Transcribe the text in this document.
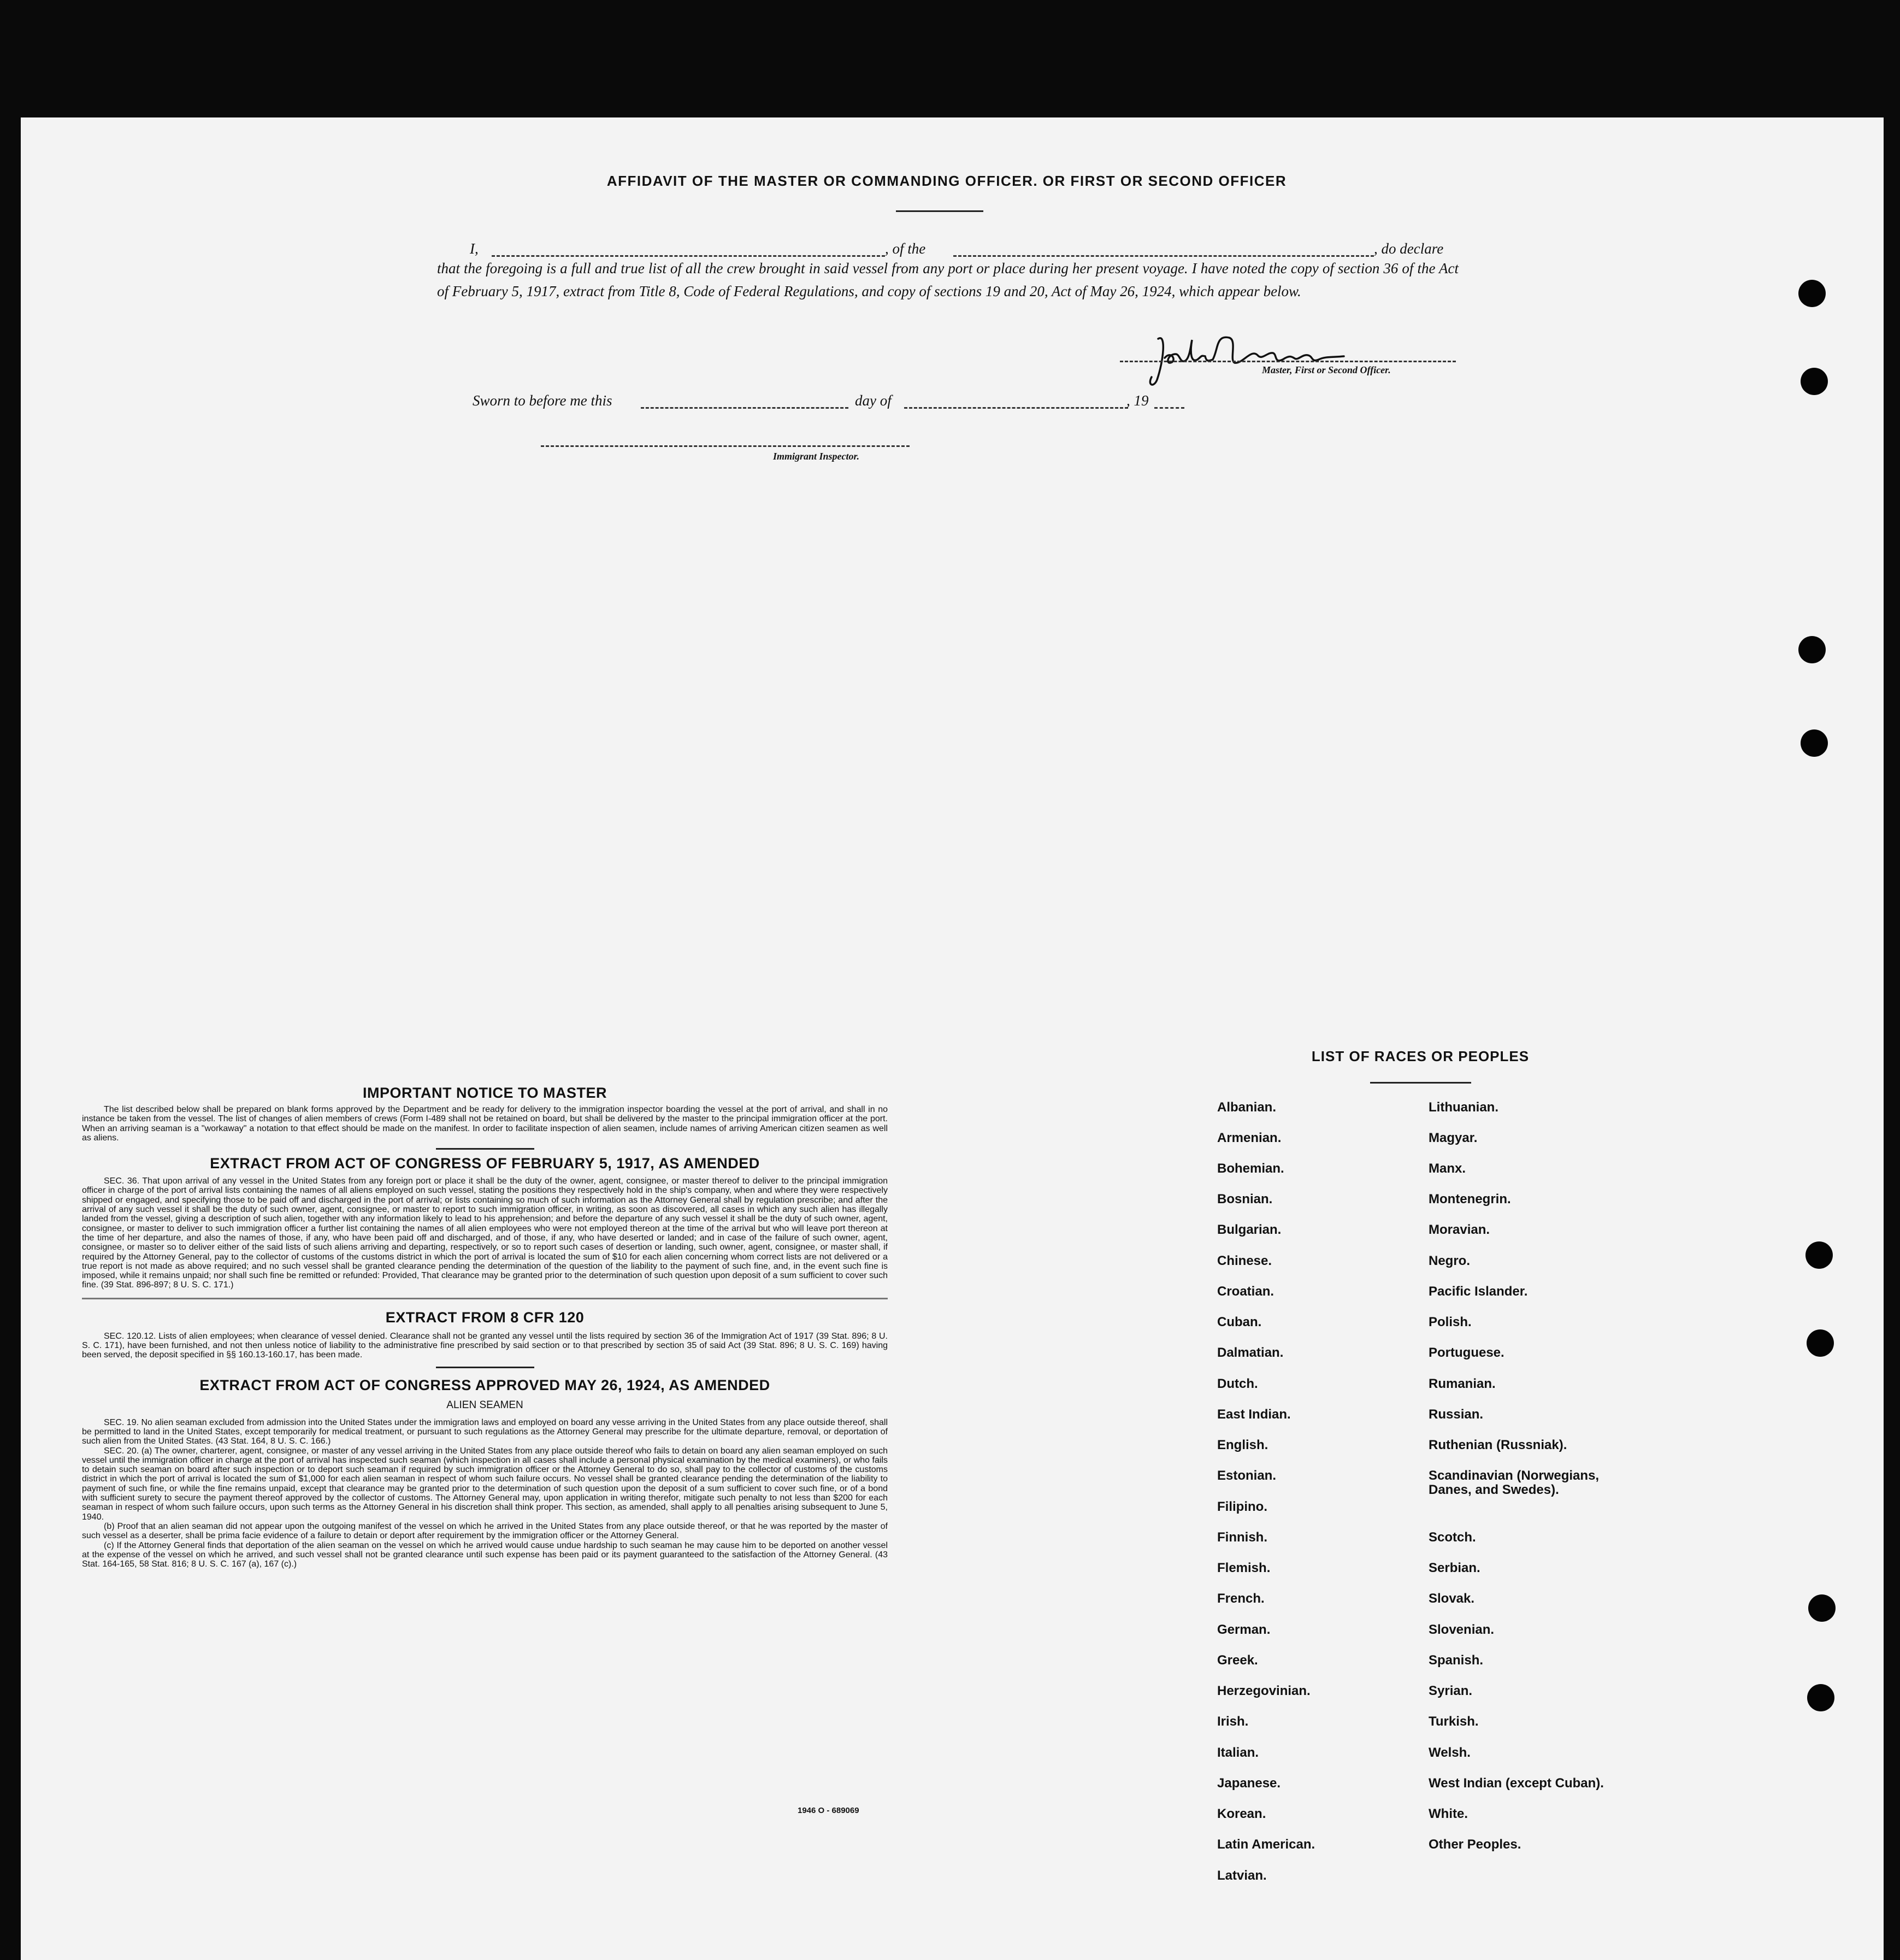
AFFIDAVIT OF THE MASTER OR COMMANDING OFFICER. OR FIRST OR SECOND OFFICER
I,	, of the	, do declare
that the foregoing is a full and true list of all the crew brought in said vessel from any port or place during her present voyage. I have noted the copy of section 36 of the Act of February 5, 1917, extract from Title 8, Code of Federal Regulations, and copy of sections 19 and 20, Act of May 26, 1924, which appear below.
Master, First or Second Officer.
Sworn to before me this	day of	, 19
Immigrant Inspector.
IMPORTANT NOTICE TO MASTER

The list described below shall be prepared on blank forms approved by the Department and be ready for delivery to the immigration inspector boarding the vessel at the port of arrival, and shall in no instance be taken from the vessel. The list of changes of alien members of crews (Form I-489 shall not be retained on board, but shall be delivered by the master to the principal immigration officer at the port. When an arriving seaman is a "workaway" a notation to that effect should be made on the manifest. In order to facilitate inspection of alien seamen, include names of arriving American citizen seamen as well as aliens.

EXTRACT FROM ACT OF CONGRESS OF FEBRUARY 5, 1917, AS AMENDED

SEC. 36. That upon arrival of any vessel in the United States from any foreign port or place it shall be the duty of the owner, agent, consignee, or master thereof to deliver to the principal immigration officer in charge of the port of arrival lists containing the names of all aliens employed on such vessel, stating the positions they respectively hold in the ship's company, when and where they were respectively shipped or engaged, and specifying those to be paid off and discharged in the port of arrival; or lists containing so much of such information as the Attorney General shall by regulation prescribe; and after the arrival of any such vessel it shall be the duty of such owner, agent, consignee, or master to report to such immigration officer, in writing, as soon as discovered, all cases in which any such alien has illegally landed from the vessel, giving a description of such alien, together with any information likely to lead to his apprehension; and before the departure of any such vessel it shall be the duty of such owner, agent, consignee, or master to deliver to such immigration officer a further list containing the names of all alien employees who were not employed thereon at the time of the arrival but who will leave port thereon at the time of her departure, and also the names of those, if any, who have been paid off and discharged, and of those, if any, who have deserted or landed; and in case of the failure of such owner, agent, consignee, or master so to deliver either of the said lists of such aliens arriving and departing, respectively, or so to report such cases of desertion or landing, such owner, agent, consignee, or master shall, if required by the Attorney General, pay to the collector of customs of the customs district in which the port of arrival is located the sum of $10 for each alien concerning whom correct lists are not delivered or a true report is not made as above required; and no such vessel shall be granted clearance pending the determination of the question of the liability to the payment of such fine, and, in the event such fine is imposed, while it remains unpaid; nor shall such fine be remitted or refunded: Provided, That clearance may be granted prior to the determination of such question upon deposit of a sum sufficient to cover such fine. (39 Stat. 896-897; 8 U. S. C. 171.)

EXTRACT FROM 8 CFR 120

SEC. 120.12. Lists of alien employees; when clearance of vessel denied. Clearance shall not be granted any vessel until the lists required by section 36 of the Immigration Act of 1917 (39 Stat. 896; 8 U. S. C. 171), have been furnished, and not then unless notice of liability to the administrative fine prescribed by said section or to that prescribed by section 35 of said Act (39 Stat. 896; 8 U. S. C. 169) having been served, the deposit specified in §§ 160.13-160.17, has been made.

EXTRACT FROM ACT OF CONGRESS APPROVED MAY 26, 1924, AS AMENDED
ALIEN SEAMEN

SEC. 19. No alien seaman excluded from admission into the United States under the immigration laws and employed on board any vesse arriving in the United States from any place outside thereof, shall be permitted to land in the United States, except temporarily for medical treatment, or pursuant to such regulations as the Attorney General may prescribe for the ultimate departure, removal, or deportation of such alien from the United States. (43 Stat. 164, 8 U. S. C. 166.)

SEC. 20. (a) The owner, charterer, agent, consignee, or master of any vessel arriving in the United States from any place outside thereof who fails to detain on board any alien seaman employed on such vessel until the immigration officer in charge at the port of arrival has inspected such seaman (which inspection in all cases shall include a personal physical examination by the medical examiners), or who fails to detain such seaman on board after such inspection or to deport such seaman if required by such immigration officer or the Attorney General to do so, shall pay to the collector of customs of the customs district in which the port of arrival is located the sum of $1,000 for each alien seaman in respect of whom such failure occurs. No vessel shall be granted clearance pending the determination of the liability to payment of such fine, or while the fine remains unpaid, except that clearance may be granted prior to the determination of such question upon the deposit of a sum sufficient to cover such fine, or of a bond with sufficient surety to secure the payment thereof approved by the collector of customs. The Attorney General may, upon application in writing therefor, mitigate such penalty to not less than $200 for each seaman in respect of whom such failure occurs, upon such terms as the Attorney General in his discretion shall think proper. This section, as amended, shall apply to all penalties arising subsequent to June 5, 1940.

(b) Proof that an alien seaman did not appear upon the outgoing manifest of the vessel on which he arrived in the United States from any place outside thereof, or that he was reported by the master of such vessel as a deserter, shall be prima facie evidence of a failure to detain or deport after requirement by the immigration officer or the Attorney General.

(c) If the Attorney General finds that deportation of the alien seaman on the vessel on which he arrived would cause undue hardship to such seaman he may cause him to be deported on another vessel at the expense of the vessel on which he arrived, and such vessel shall not be granted clearance until such expense has been paid or its payment guaranteed to the satisfaction of the Attorney General. (43 Stat. 164-165, 58 Stat. 816; 8 U. S. C. 167 (a), 167 (c).)

1946 O - 689069
LIST OF RACES OR PEOPLES
Albanian.
Armenian.
Bohemian.
Bosnian.
Bulgarian.
Chinese.
Croatian.
Cuban.
Dalmatian.
Dutch.
East Indian.
English.
Estonian.
Filipino.
Finnish.
Flemish.
French.
German.
Greek.
Herzegovinian.
Irish.
Italian.
Japanese.
Korean.
Latin American.
Latvian.
Lithuanian.
Magyar.
Manx.
Montenegrin.
Moravian.
Negro.
Pacific Islander.
Polish.
Portuguese.
Rumanian.
Russian.
Ruthenian (Russniak).
Scandinavian (Norwegians,
Danes, and Swedes).
Scotch.
Serbian.
Slovak.
Slovenian.
Spanish.
Syrian.
Turkish.
Welsh.
West Indian (except Cuban).
White.
Other Peoples.
